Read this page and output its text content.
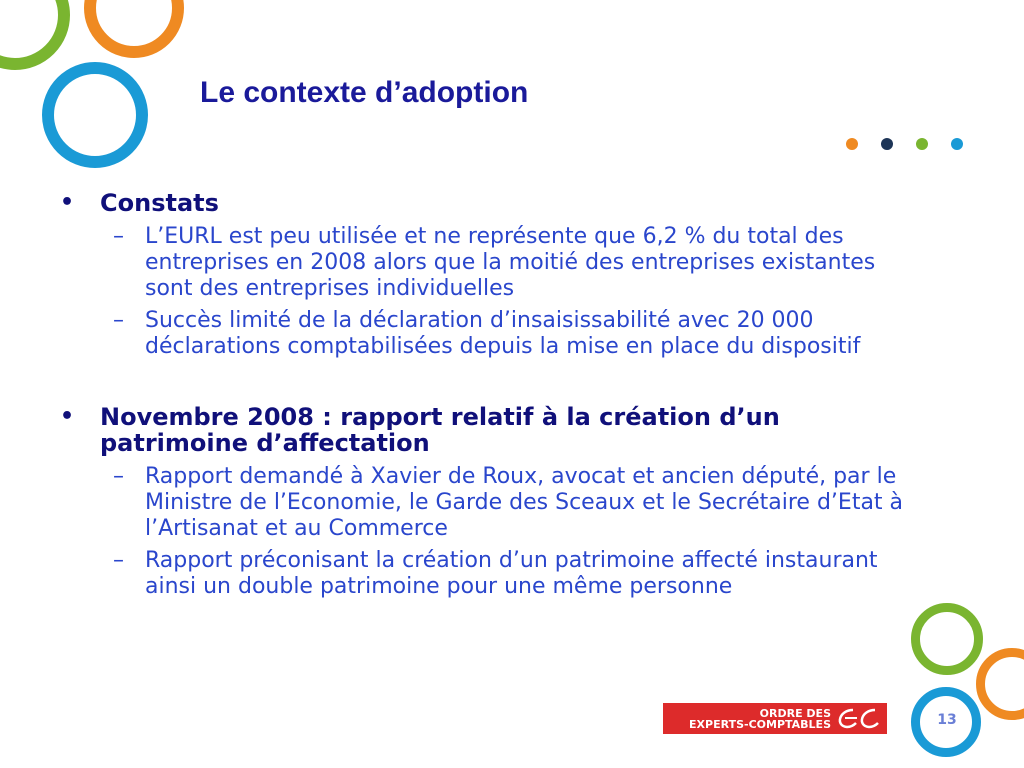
Le contexte d’adoption
• Constats
– L’EURL est peu utilisée et ne représente que 6,2 % du total des entreprises en 2008 alors que la moitié des entreprises existantes sont des entreprises individuelles
– Succès limité de la déclaration d’insaisissabilité avec 20 000 déclarations comptabilisées depuis la mise en place du dispositif
• Novembre 2008 : rapport relatif à la création d’un patrimoine d’affectation
– Rapport demandé à Xavier de Roux, avocat et ancien député, par le Ministre de l’Economie, le Garde des Sceaux et le Secrétaire d’Etat à l’Artisanat et au Commerce
– Rapport préconisant la création d’un patrimoine affecté instaurant ainsi un double patrimoine pour une même personne
13
ORDRE DES
EXPERTS-COMPTABLES
